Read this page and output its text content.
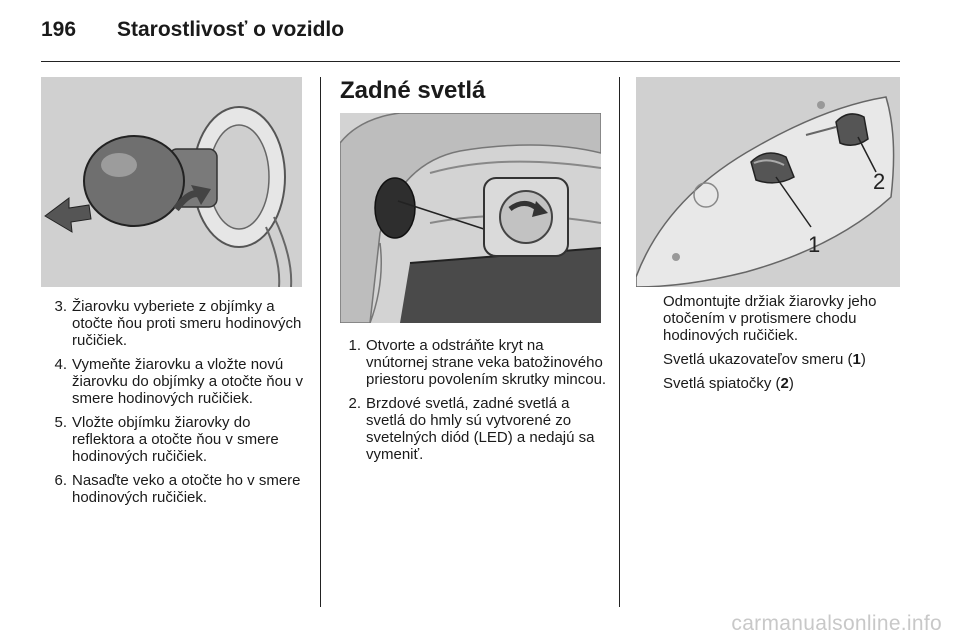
196 Starostlivosť o vozidlo
3. Žiarovku vyberiete z objímky a otočte ňou proti smeru hodinových ručičiek.
4. Vymeňte žiarovku a vložte novú žiarovku do objímky a otočte ňou v smere hodinových ručičiek.
5. Vložte objímku žiarovky do reflektora a otočte ňou v smere hodinových ručičiek.
6. Nasaďte veko a otočte ho v smere hodinových ručičiek.
Zadné svetlá
1. Otvorte a odstráňte kryt na vnútornej strane veka batožinového priestoru povolením skrutky mincou.
2. Brzdové svetlá, zadné svetlá a svetlá do hmly sú vytvorené zo svetelných diód (LED) a nedajú sa vymeniť.
1
2

Odmontujte držiak žiarovky jeho otočením v protismere chodu hodinových ručičiek.

Svetlá ukazovateľov smeru (1)

Svetlá spiatočky (2)

carmanualsonline.info
